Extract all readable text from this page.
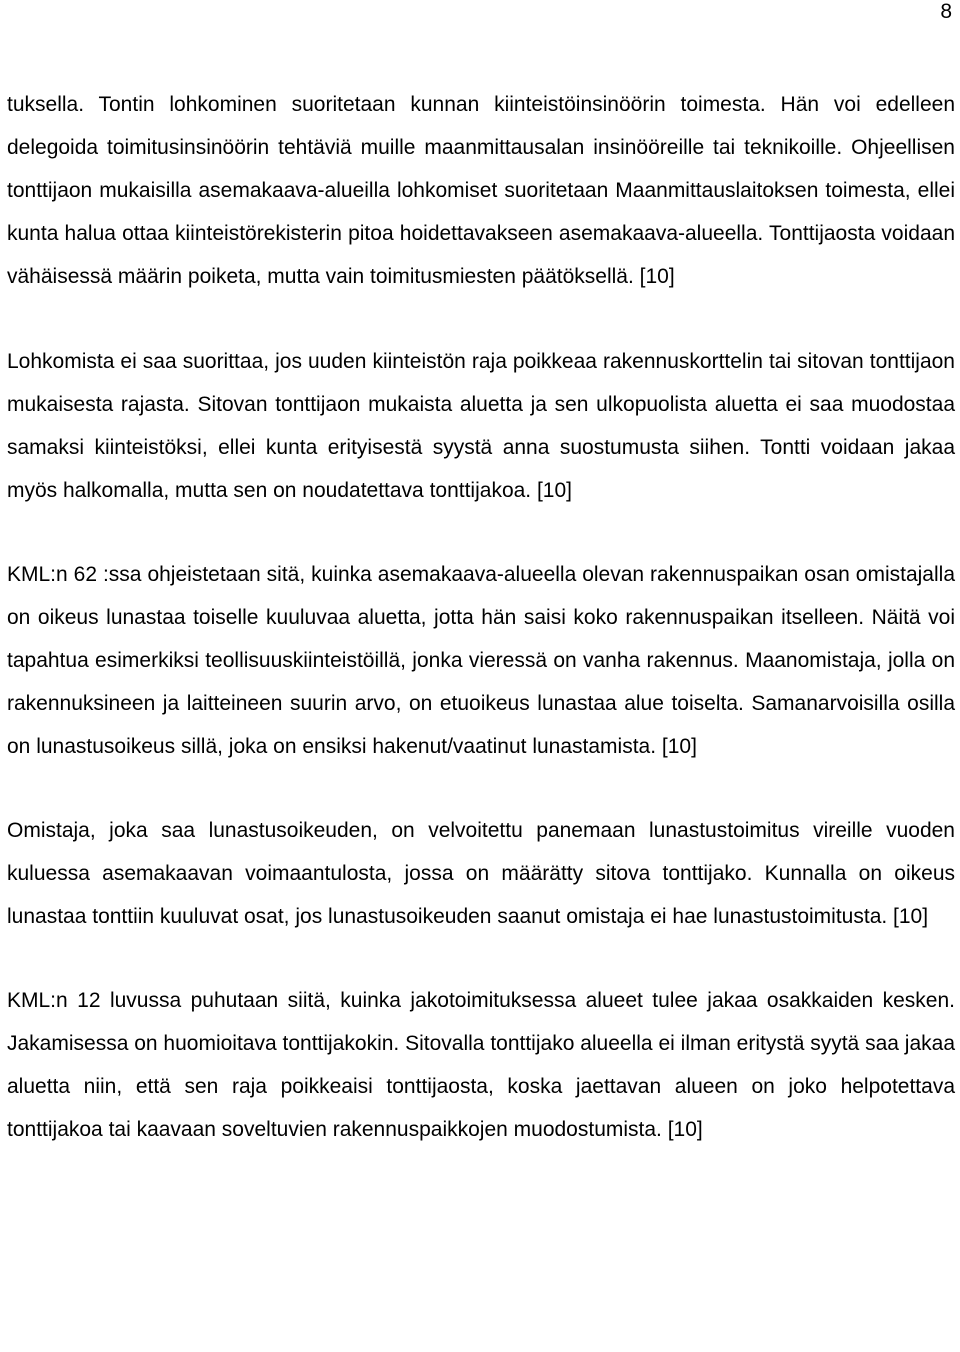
8

tuksella. Tontin lohkominen suoritetaan kunnan kiinteistöinsinöörin toimesta. Hän voi edelleen delegoida toimitusinsinöörin tehtäviä muille maanmittausalan insinööreille tai teknikoille. Ohjeellisen tonttijaon mukaisilla asemakaava-alueilla lohkomiset suoritetaan Maanmittauslaitoksen toimesta, ellei kunta halua ottaa kiinteistörekisterin pitoa hoidettavakseen asemakaava-alueella. Tonttijaosta voidaan vähäisessä määrin poiketa, mutta vain toimitusmiesten päätöksellä. [10]

Lohkomista ei saa suorittaa, jos uuden kiinteistön raja poikkeaa rakennuskorttelin tai sitovan tonttijaon mukaisesta rajasta. Sitovan tonttijaon mukaista aluetta ja sen ulkopuolista aluetta ei saa muodostaa samaksi kiinteistöksi, ellei kunta erityisestä syystä anna suostumusta siihen. Tontti voidaan jakaa myös halkomalla, mutta sen on noudatettava tonttijakoa. [10]

KML:n 62 :ssa ohjeistetaan sitä, kuinka asemakaava-alueella olevan rakennuspaikan osan omistajalla on oikeus lunastaa toiselle kuuluvaa aluetta, jotta hän saisi koko rakennuspaikan itselleen. Näitä voi tapahtua esimerkiksi teollisuuskiinteistöillä, jonka vieressä on vanha rakennus. Maanomistaja, jolla on rakennuksineen ja laitteineen suurin arvo, on etuoikeus lunastaa alue toiselta. Samanarvoisilla osilla on lunastusoikeus sillä, joka on ensiksi hakenut/vaatinut lunastamista. [10]

Omistaja, joka saa lunastusoikeuden, on velvoitettu panemaan lunastustoimitus vireille vuoden kuluessa asemakaavan voimaantulosta, jossa on määrätty sitova tonttijako. Kunnalla on oikeus lunastaa tonttiin kuuluvat osat, jos lunastusoikeuden saanut omistaja ei hae lunastustoimitusta. [10]

KML:n 12 luvussa puhutaan siitä, kuinka jakotoimituksessa alueet tulee jakaa osakkaiden kesken. Jakamisessa on huomioitava tonttijakokin. Sitovalla tonttijako alueella ei ilman eritystä syytä saa jakaa aluetta niin, että sen raja poikkeaisi tonttijaosta, koska jaettavan alueen on joko helpotettava tonttijakoa tai kaavaan soveltuvien rakennuspaikkojen muodostumista. [10]
